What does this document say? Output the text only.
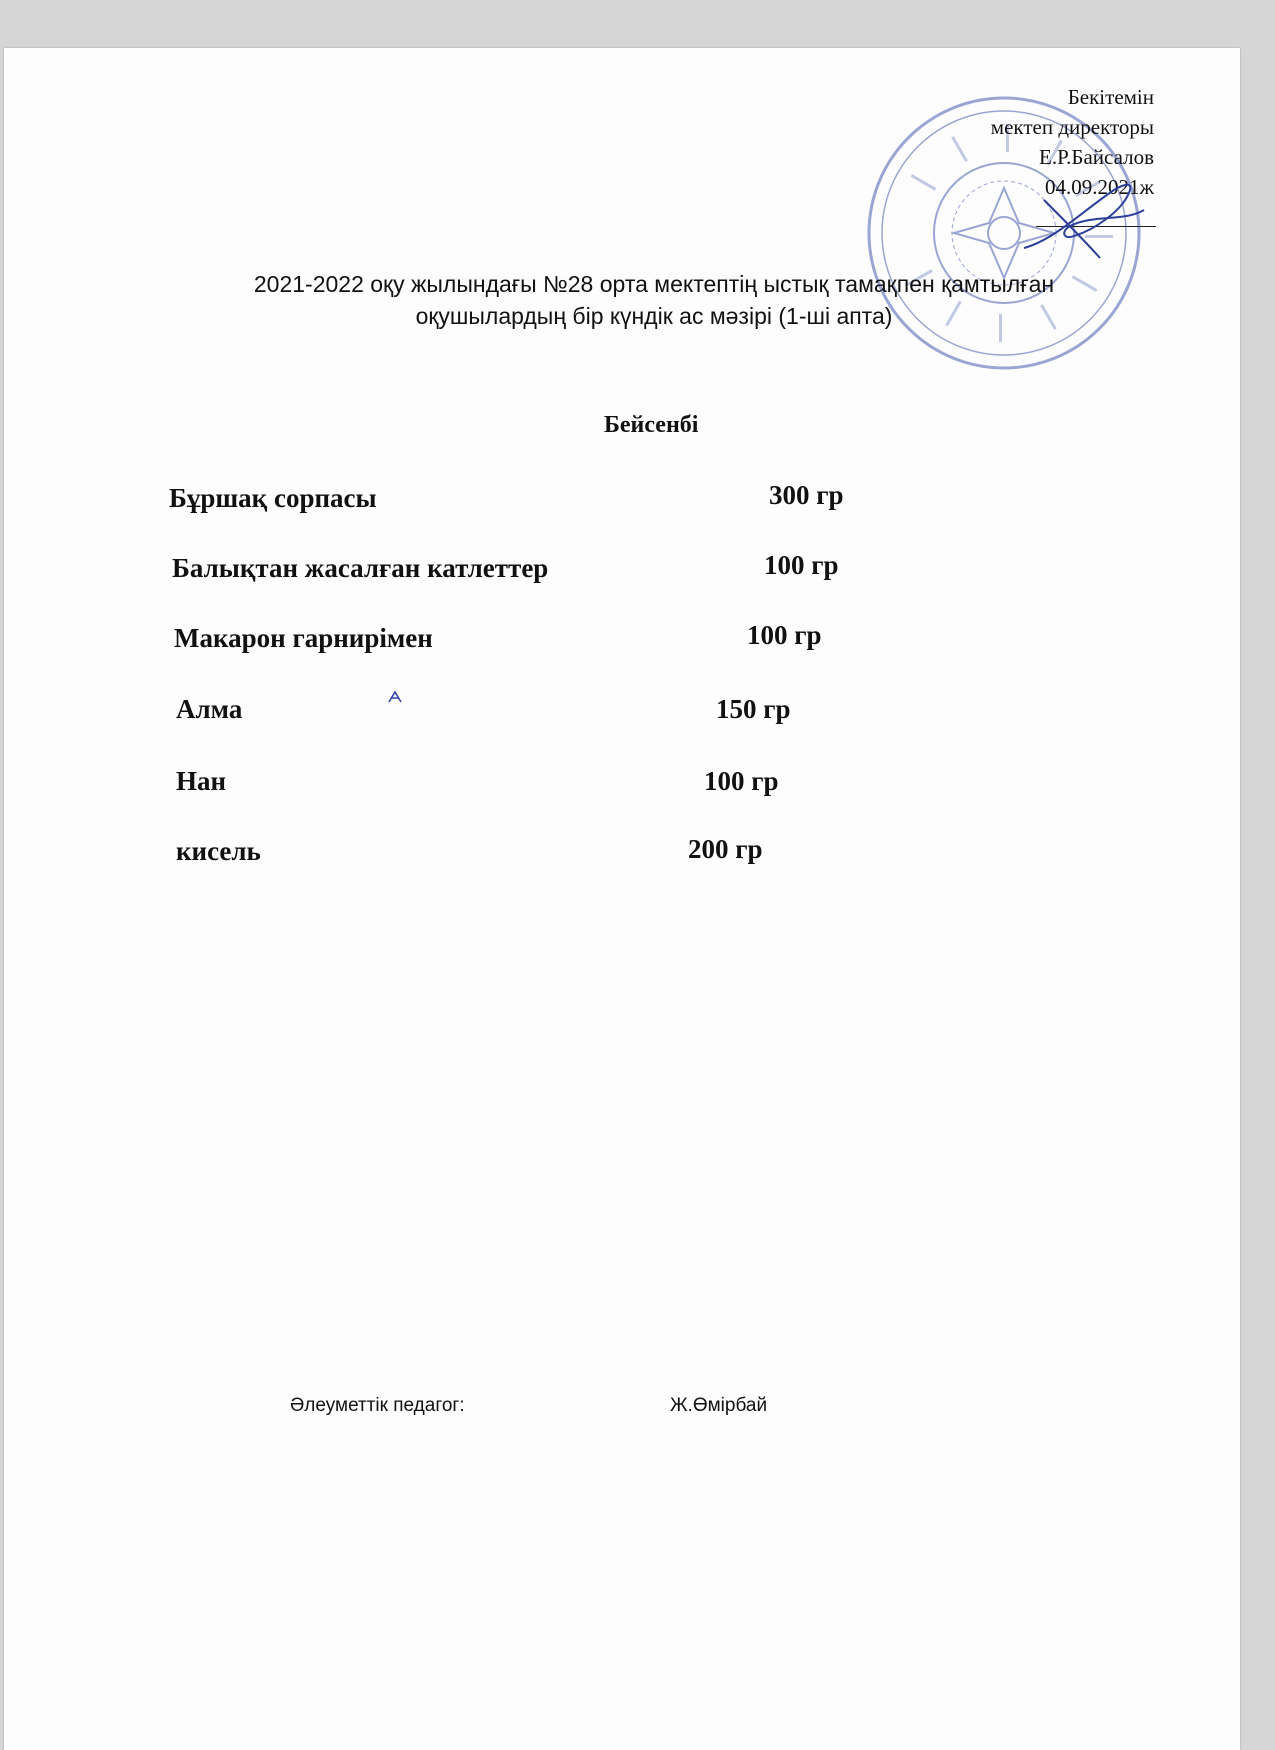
Бекітемін
мектеп директоры
Е.Р.Байсалов
04.09.2021ж
2021-2022 оқу жылындағы №28 орта мектептің ыстық тамақпен қамтылған
оқушылардың бір күндік ас мәзірі (1-ші апта)
Бейсенбі
Бұршақ сорпасы	300 гр
Балықтан жасалған катлеттер	100 гр
Макарон гарнирімен	100 гр
Алма	150 гр
Нан	100 гр
кисель	200 гр
Әлеуметтік педагог:	Ж.Өмірбай
